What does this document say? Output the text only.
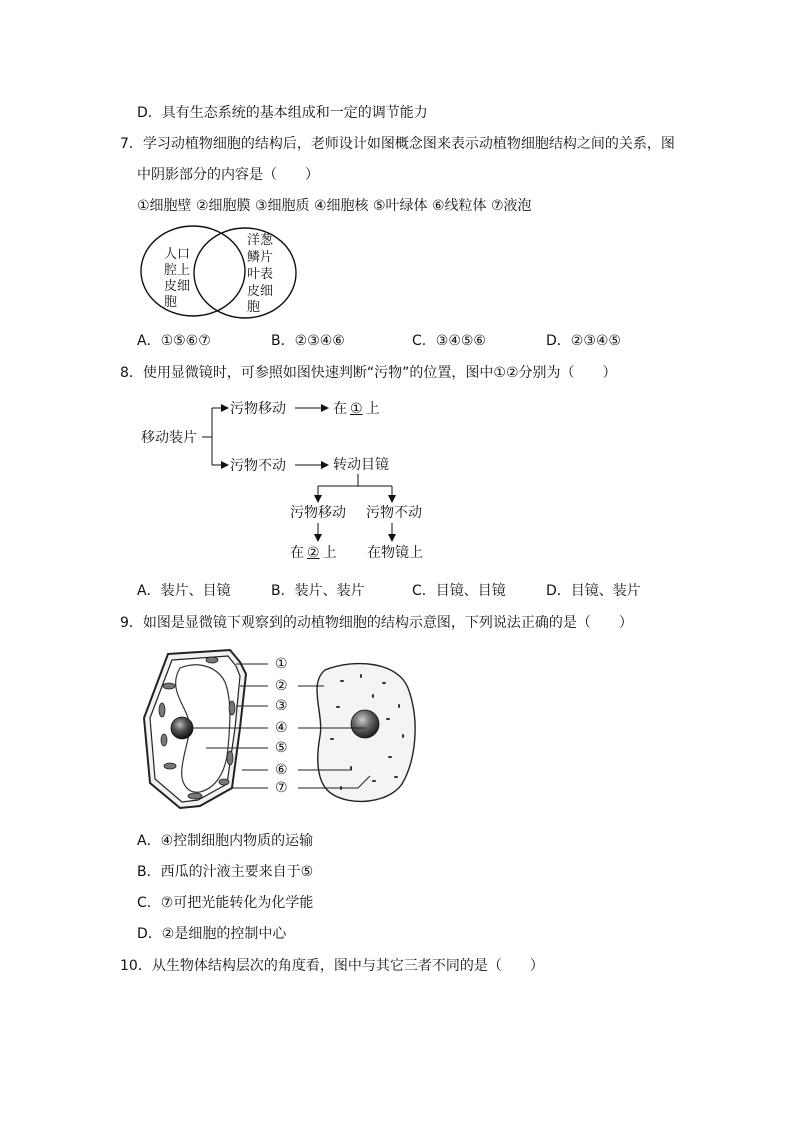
D．具有生态系统的基本组成和一定的调节能力
7．学习动植物细胞的结构后，老师设计如图概念图来表示动植物细胞结构之间的关系，图
中阴影部分的内容是（　　）
①细胞壁 ②细胞膜 ③细胞质 ④细胞核 ⑤叶绿体 ⑥线粒体 ⑦液泡
人口
腔上
皮细
胞
洋葱
鳞片
叶表
皮细
胞
A．①⑤⑥⑦	B．②③④⑥	C．③④⑤⑥	D．②③④⑤
8．使用显微镜时，可参照如图快速判断“污物”的位置，图中①②分别为（　　）
移动装片
污物移动	在 ① 上
污物不动	转动目镜
污物移动 污物不动
在 ② 上 在物镜上
A．装片、目镜	B．装片、装片	C．目镜、目镜	D．目镜、装片
9．如图是显微镜下观察到的动植物细胞的结构示意图，下列说法正确的是（　　）
①
②
③
④
⑤
⑥
⑦
A．④控制细胞内物质的运输
B．西瓜的汁液主要来自于⑤
C．⑦可把光能转化为化学能
D．②是细胞的控制中心
10．从生物体结构层次的角度看，图中与其它三者不同的是（　　）
